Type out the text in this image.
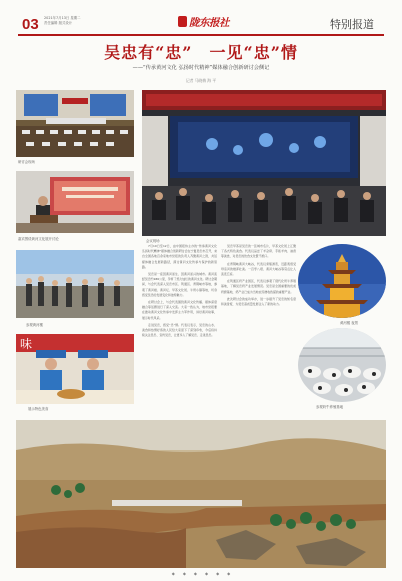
03 2021年7月13日 星期二
责任编辑 版式设计	陇东报社	特别报道
吴忠有“忠”　一见“忠”情
——“传承黄河文化 弘扬时代精神”媒体融合创新研讨会侧记
记者 马晓梅 海 平
研讨会现场
嘉宾围绕黄河文化展开讨论
参观黄河楼
味
展示特色美食
会议现场

7月10日至12日，由中国报协主办的“传承黄河文化 弘扬时代精神”媒体融合创新研讨会在宁夏吴忠市召开，来自全国各地百余家地市党报的负责人齐聚黄河之滨，共话媒体融合发展新路径，探讨黄河文化传承与保护的新思路。

吴忠是一座因黄河而生、因黄河而兴的城市。黄河流经吴忠约186公里，孕育了悠久灿烂的黄河文化。研讨会期间，与会代表深入吴忠市区、利通区、青铜峡市等地，参观了黄河楼、黄河坛、早茶文化街、牛奶小镇等地，切身感受吴忠的发展变化和独特魅力。

在研讨会上，与会代表围绕黄河文化传播、媒体深度融合等话题进行了深入交流。大家一致认为，地市党报要在推动黄河文化传承中发挥主力军作用，讲好黄河故事，展示时代风采。

走进吴忠，感受“忠”情。代表们表示，吴忠的山水、美食和热情好客的人民给大家留下了深刻印象，今后将持续关注吴忠、宣传吴忠，让更多人了解吴忠、走进吴忠。

吴忠早茶是吴忠的一张城市名片，早茶文化街上汇聚了各式特色美食。代表们品尝了羊杂碎、手抓羊肉、油香等美食，对吴忠的饮食文化赞不绝口。

在青铜峡黄河大峡谷，代表们乘船游览，近距离感受母亲河的雄浑壮美。一百零八塔、黄河大峡谷等景点让人流连忘返。

在利通区奶产业园区，代表们参观了现代化奶牛养殖基地，了解吴忠奶产业发展情况。吴忠是全国重要的优质奶源基地，奶产业已成为当地农民增收致富的重要产业。

此次研讨会的成功举办，进一步提升了吴忠的知名度和美誉度，为吴忠高质量发展注入了新的动力。

黄河楼 夜景
参观奶牛养殖基地
◆　　◆　　◆　　◆　　◆　　◆
